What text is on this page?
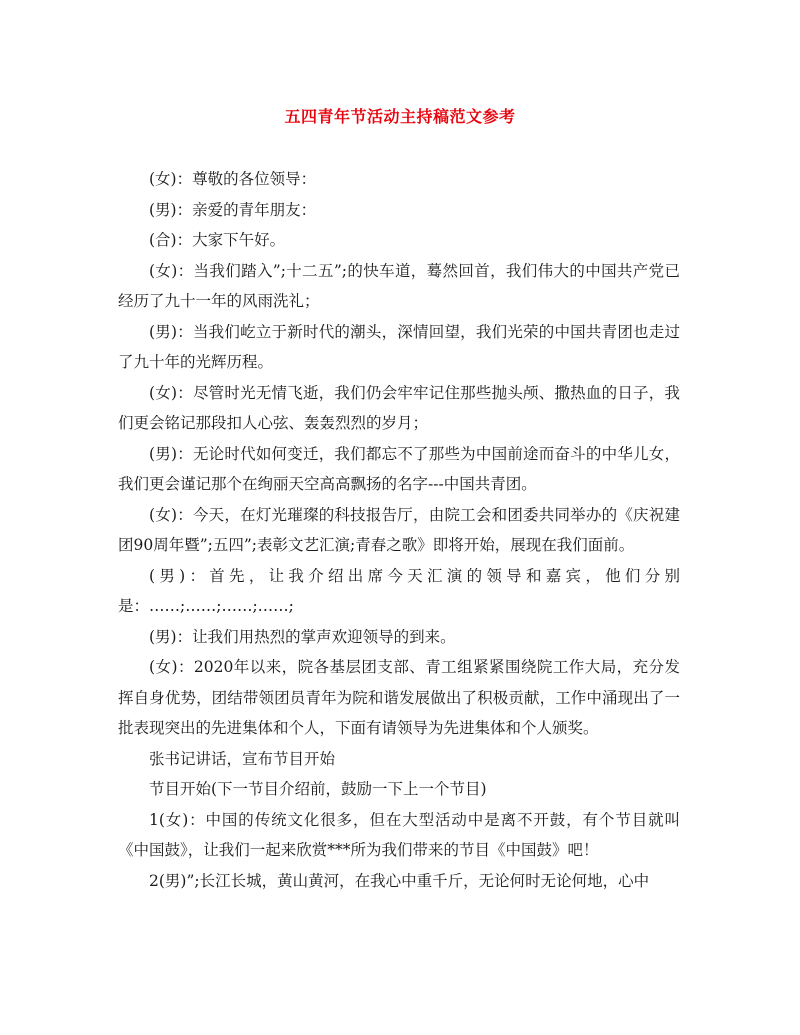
五四青年节活动主持稿范文参考

(女)：尊敬的各位领导：

(男)：亲爱的青年朋友：

(合)：大家下午好。

(女)：当我们踏入”;十二五”;的快车道，蓦然回首，我们伟大的中国共产党已经历了九十一年的风雨洗礼；

(男)：当我们屹立于新时代的潮头，深情回望，我们光荣的中国共青团也走过了九十年的光辉历程。

(女)：尽管时光无情飞逝，我们仍会牢牢记住那些抛头颅、撒热血的日子，我们更会铭记那段扣人心弦、轰轰烈烈的岁月；

(男)：无论时代如何变迁，我们都忘不了那些为中国前途而奋斗的中华儿女，我们更会谨记那个在绚丽天空高高飘扬的名字---中国共青团。

(女)：今天，在灯光璀璨的科技报告厅，由院工会和团委共同举办的《庆祝建团90周年暨”;五四”;表彰文艺汇演;青春之歌》即将开始，展现在我们面前。

(男)：首先，让我介绍出席今天汇演的领导和嘉宾，他们分别是：……;……;……;……;

(男)：让我们用热烈的掌声欢迎领导的到来。

(女)：2020年以来，院各基层团支部、青工组紧紧围绕院工作大局，充分发挥自身优势，团结带领团员青年为院和谐发展做出了积极贡献，工作中涌现出了一批表现突出的先进集体和个人，下面有请领导为先进集体和个人颁奖。

张书记讲话，宣布节目开始

节目开始(下一节目介绍前，鼓励一下上一个节目)

1(女)：中国的传统文化很多，但在大型活动中是离不开鼓，有个节目就叫《中国鼓》，让我们一起来欣赏***所为我们带来的节目《中国鼓》吧！

2(男)”;长江长城，黄山黄河，在我心中重千斤，无论何时无论何地，心中
